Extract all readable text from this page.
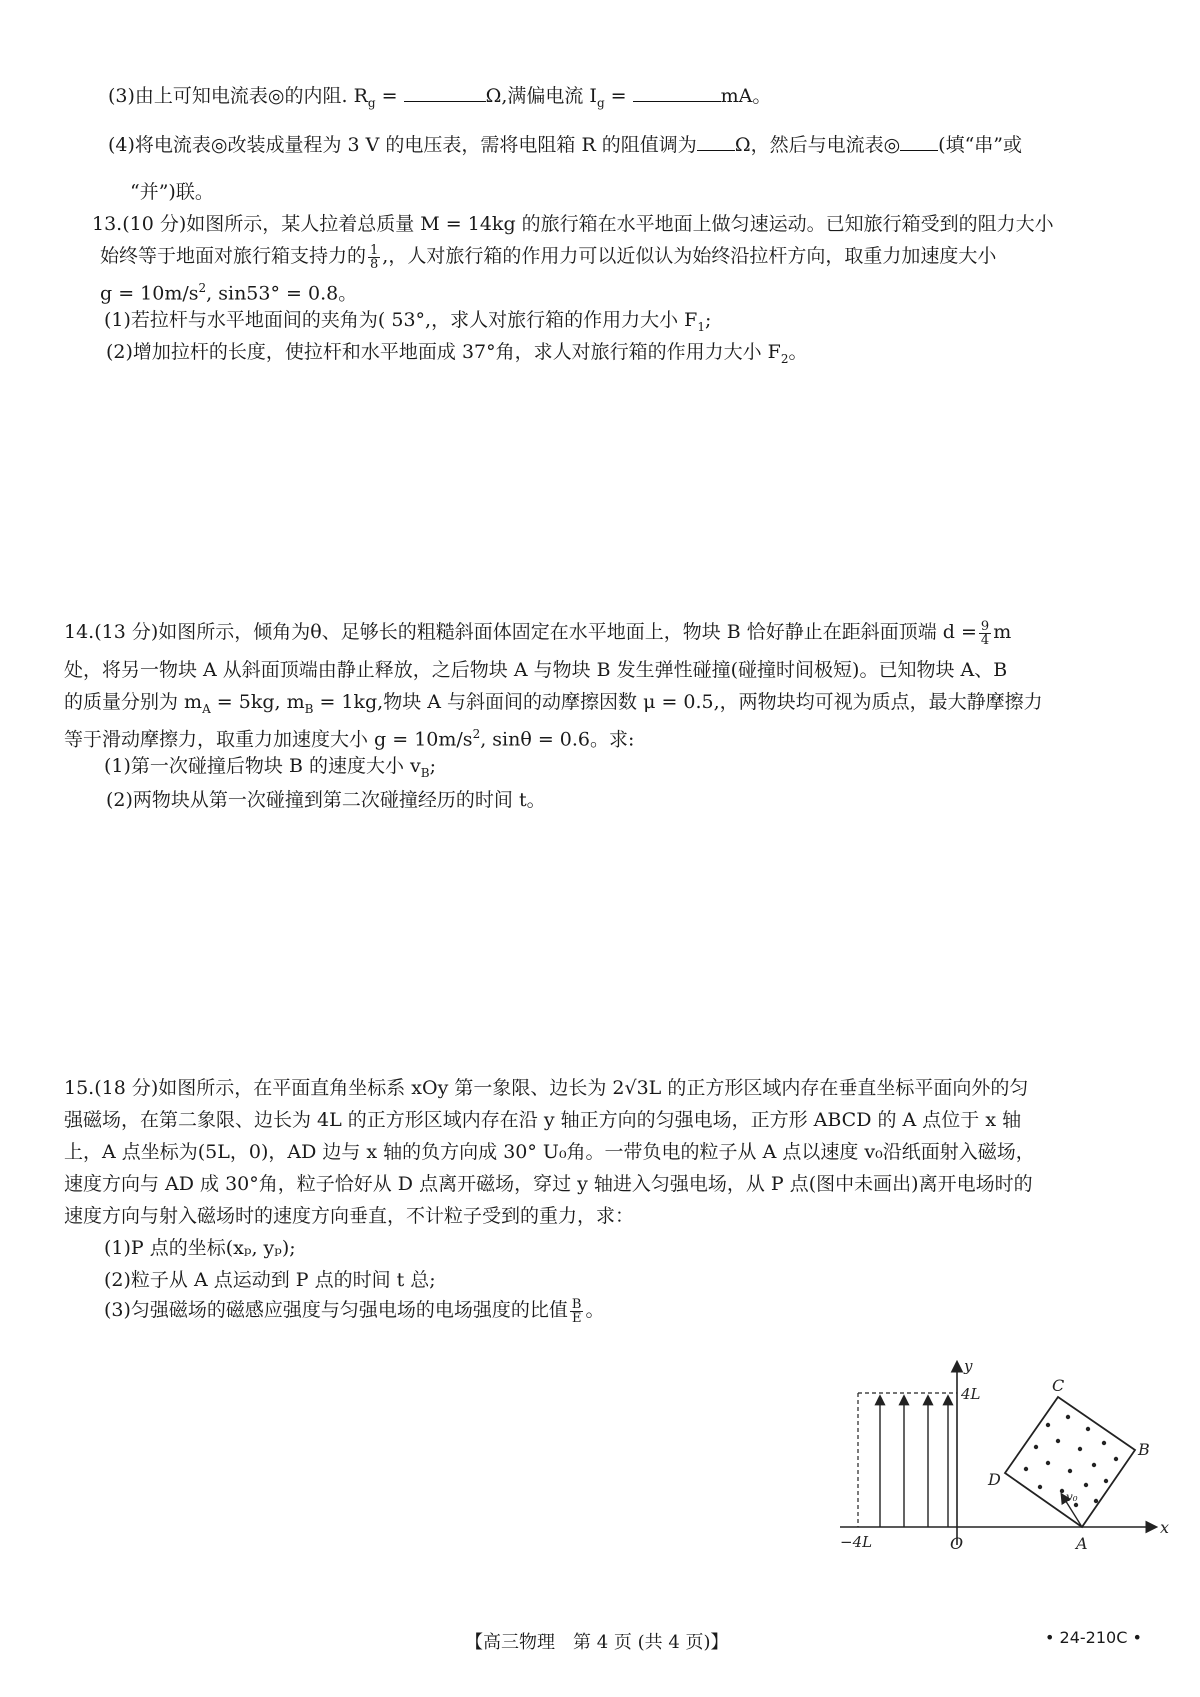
(3)由上可知电流表◎的内阻. $R_g$ =	Ω,满偏电流 $I_g$ =	mA。
(4)将电流表◎改装成量程为 3 V 的电压表，需将电阻箱 R 的阻值调为 Ω，然后与电流表◎ (填“串”或
“并”)联。
13.(10 分)如图所示，某人拉着总质量 M = 14kg 的旅行箱在水平地面上做匀速运动。已知旅行箱受到的阻力大小
始终等于地面对旅行箱支持力的 $\frac{1}{8}$ ,，人对旅行箱的作用力可以近似认为始终沿拉杆方向，取重力加速度大小
$g = 10m/s^2$, sin53° = 0.8。
(1)若拉杆与水平地面间的夹角为( 53°,，求人对旅行箱的作用力大小 $F_1$;
(2)增加拉杆的长度，使拉杆和水平地面成 37°角，求人对旅行箱的作用力大小 $F_2$。
14.(13 分)如图所示，倾角为θ、足够长的粗糙斜面体固定在水平地面上，物块 B 恰好静止在距斜面顶端 $d = \frac{9}{4}$ m
处，将另一物块 A 从斜面顶端由静止释放，之后物块 A 与物块 B 发生弹性碰撞(碰撞时间极短)。已知物块 A、B
的质量分别为 $m_A = 5kg$, $m_B = 1kg$,物块 A 与斜面间的动摩擦因数 μ = 0.5,，两物块均可视为质点，最大静摩擦力
等于滑动摩擦力，取重力加速度大小 $g = 10m/s^2$, sinθ = 0.6。求:
(1)第一次碰撞后物块 B 的速度大小 $v_B$;
(2)两物块从第一次碰撞到第二次碰撞经历的时间 t。
15.(18 分)如图所示，在平面直角坐标系 xOy 第一象限、边长为 2√3L 的正方形区域内存在垂直坐标平面向外的匀
强磁场，在第二象限、边长为 4L 的正方形区域内存在沿 y 轴正方向的匀强电场，正方形 ABCD 的 A 点位于 x 轴
上，A 点坐标为(5L，0)，AD 边与 x 轴的负方向成 30° U₀角。一带负电的粒子从 A 点以速度 v₀沿纸面射入磁场，
速度方向与 AD 成 30°角，粒子恰好从 D 点离开磁场，穿过 y 轴进入匀强电场，从 P 点(图中未画出)离开电场时的
速度方向与射入磁场时的速度方向垂直，不计粒子受到的重力，求：
(1)P 点的坐标(xₚ, yₚ);
(2)粒子从 A 点运动到 P 点的时间 t 总;
(3)匀强磁场的磁感应强度与匀强电场的电场强度的比值 $\frac{B}{E}$ 。
y
4L
x
−4L	O	A
B
C
D
v₀
【高三物理　第 4 页 (共 4 页)】	• 24-210C •
